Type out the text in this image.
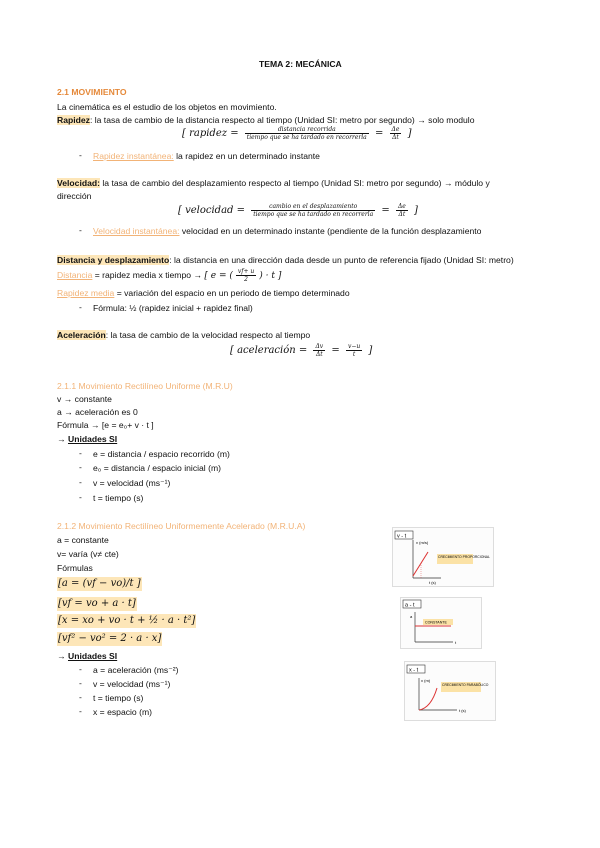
TEMA 2: MECÁNICA
2.1 MOVIMIENTO
La cinemática es el estudio de los objetos en movimiento.
Rapidez: la tasa de cambio de la distancia respecto al tiempo (Unidad SI: metro por segundo) → solo modulo
[ rapidez = $\frac{\text{distancia recorrida}}{\text{tiempo que se ha tardado en recorrerla}} = \frac{\Delta e}{\Delta t}$ ]
- Rapidez instantánea: la rapidez en un determinado instante
Velocidad: la tasa de cambio del desplazamiento respecto al tiempo (Unidad SI: metro por segundo) → módulo y
dirección
[ velocidad = $\frac{\text{cambio en el desplazamiento}}{\text{tiempo que se ha tardado en recorrerla}} = \frac{\Delta e}{\Delta t}$ ]
- Velocidad instantánea: velocidad en un determinado instante (pendiente de la función desplazamiento
Distancia y desplazamiento: la distancia en una dirección dada desde un punto de referencia fijado (Unidad SI: metro)
Distancia = rapidez media x tiempo → [ e = ( $\frac{vf+ u}{2}$ ) · t ]
Rapidez media = variación del espacio en un periodo de tiempo determinado
- Fórmula: ½ (rapidez inicial + rapidez final)
Aceleración: la tasa de cambio de la velocidad respecto al tiempo
[ aceleración = $\frac{\Delta v}{\Delta t} = \frac{v-u}{t}$ ]
2.1.1 Movimiento Rectilíneo Uniforme (M.R.U)
v → constante
a → aceleración es 0
Fórmula → [e = e₀+ v · t ]
→ Unidades SI
- e = distancia / espacio recorrido (m)
- e₀ = distancia / espacio inicial (m)
- v = velocidad (ms⁻¹)
- t = tiempo (s)
2.1.2 Movimiento Rectilíneo Uniformemente Acelerado (M.R.U.A)
a = constante
v= varía (v≠ cte)
Fórmulas
[a = (vf − vo)/t ]
[vf = vo + a · t]
[x = xo + vo · t + ½ · a · t²]
[vf² − vo² = 2 · a · x]
→ Unidades SI
- a = aceleración (ms⁻²)
- v = velocidad (ms⁻¹)
- t = tiempo (s)
- x = espacio (m)
v - t
v (m/s)
t (s)
CRECIMIENTO PROPORCIONAL
a - t
a
t
CONSTANTE
x - t
x (m)
t (s)
CRECIMIENTO PARABÓLICO
